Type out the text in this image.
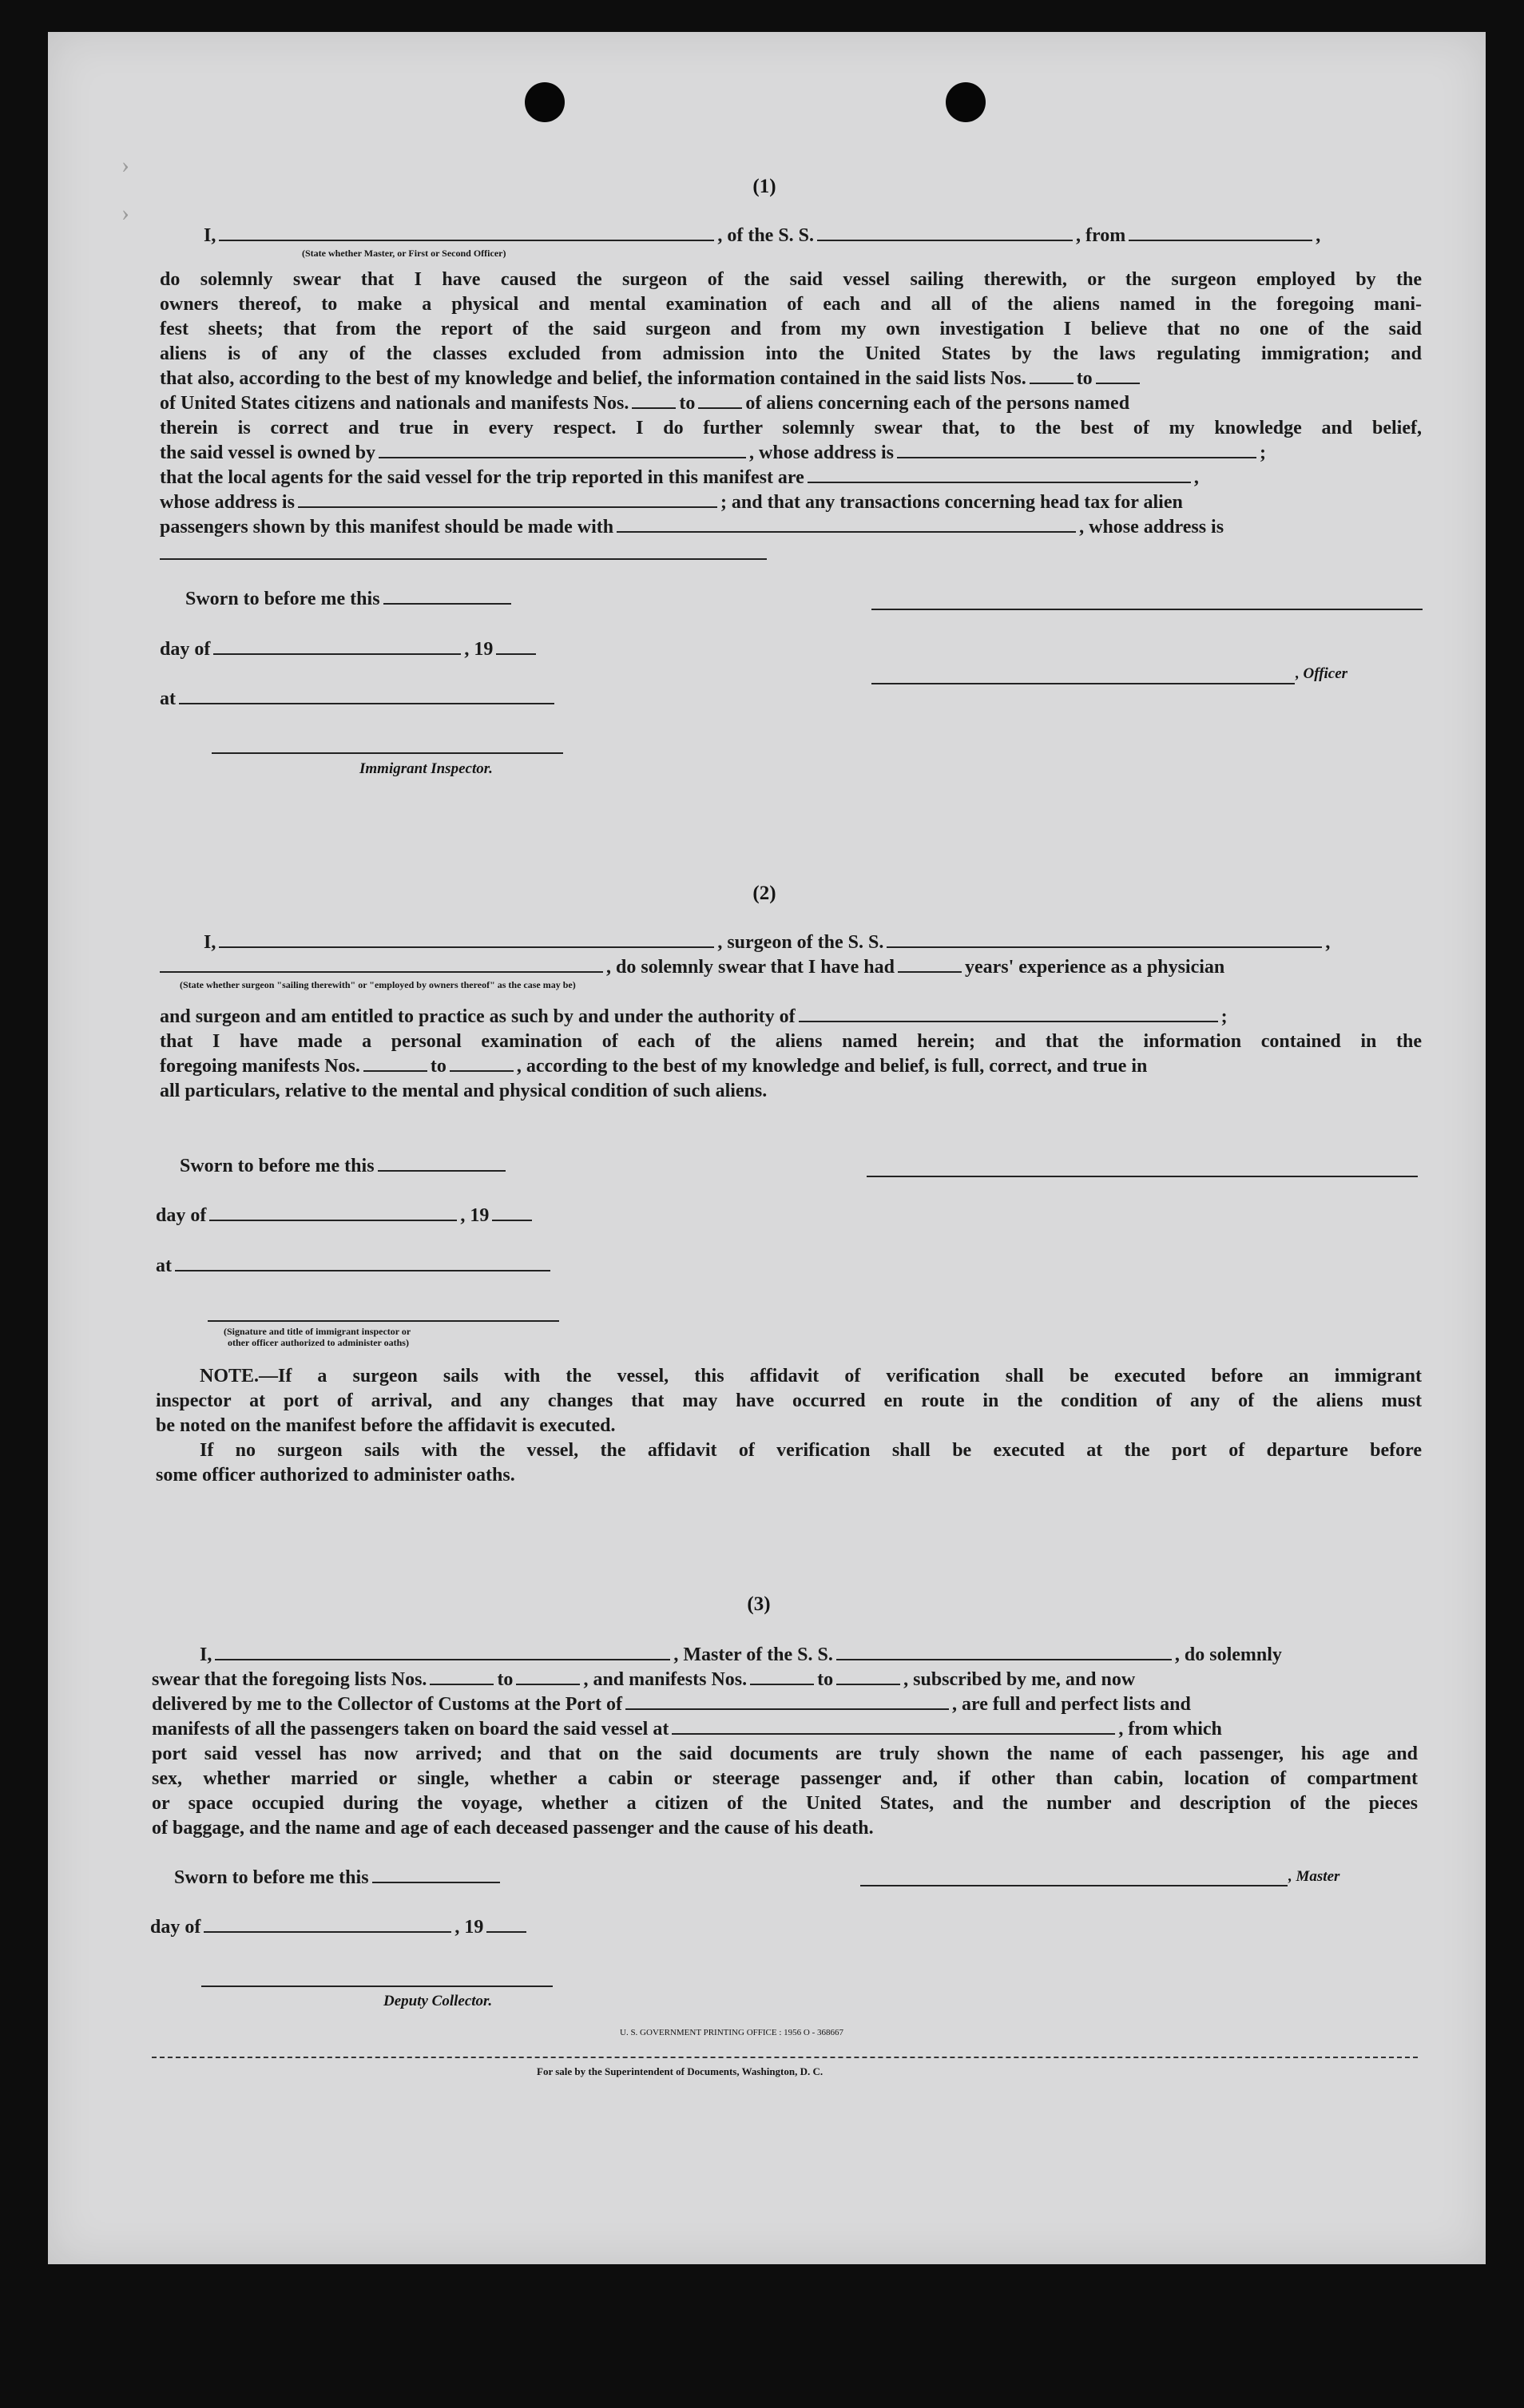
(1)
I,	, of the S. S.	, from	,
(State whether Master, or First or Second Officer)
do solemnly swear that I have caused the surgeon of the said vessel sailing therewith, or the surgeon employed by the
owners thereof, to make a physical and mental examination of each and all of the aliens named in the foregoing mani-
fest sheets; that from the report of the said surgeon and from my own investigation I believe that no one of the said
aliens is of any of the classes excluded from admission into the United States by the laws regulating immigration; and
that also, according to the best of my knowledge and belief, the information contained in the said lists Nos.	to
of United States citizens and nationals and manifests Nos.	to	of aliens concerning each of the persons named
therein is correct and true in every respect. I do further solemnly swear that, to the best of my knowledge and belief,
the said vessel is owned by	, whose address is	;
that the local agents for the said vessel for the trip reported in this manifest are	,
whose address is	; and that any transactions concerning head tax for alien
passengers shown by this manifest should be made with	, whose address is
Sworn to before me this
day of	, 19
at
Immigrant Inspector.
, Officer
(2)
I,	, surgeon of the S. S.	,
, do solemnly swear that I have had	years' experience as a physician
(State whether surgeon "sailing therewith" or "employed by owners thereof" as the case may be)
and surgeon and am entitled to practice as such by and under the authority of	;
that I have made a personal examination of each of the aliens named herein; and that the information contained in the
foregoing manifests Nos.	to	, according to the best of my knowledge and belief, is full, correct, and true in
all particulars, relative to the mental and physical condition of such aliens.
Sworn to before me this
day of	, 19
at
(Signature and title of immigrant inspector or
other officer authorized to administer oaths)
NOTE.—If a surgeon sails with the vessel, this affidavit of verification shall be executed before an immigrant
inspector at port of arrival, and any changes that may have occurred en route in the condition of any of the aliens must
be noted on the manifest before the affidavit is executed.
If no surgeon sails with the vessel, the affidavit of verification shall be executed at the port of departure before
some officer authorized to administer oaths.
(3)
I,	, Master of the S. S.	, do solemnly
swear that the foregoing lists Nos.	to	, and manifests Nos.	to	, subscribed by me, and now
delivered by me to the Collector of Customs at the Port of	, are full and perfect lists and
manifests of all the passengers taken on board the said vessel at	, from which
port said vessel has now arrived; and that on the said documents are truly shown the name of each passenger, his age and
sex, whether married or single, whether a cabin or steerage passenger and, if other than cabin, location of compartment
or space occupied during the voyage, whether a citizen of the United States, and the number and description of the pieces
of baggage, and the name and age of each deceased passenger and the cause of his death.
Sworn to before me this
day of	, 19
Deputy Collector.
, Master
U. S. GOVERNMENT PRINTING OFFICE : 1956 O - 368667
For sale by the Superintendent of Documents, Washington, D. C.
›
›
